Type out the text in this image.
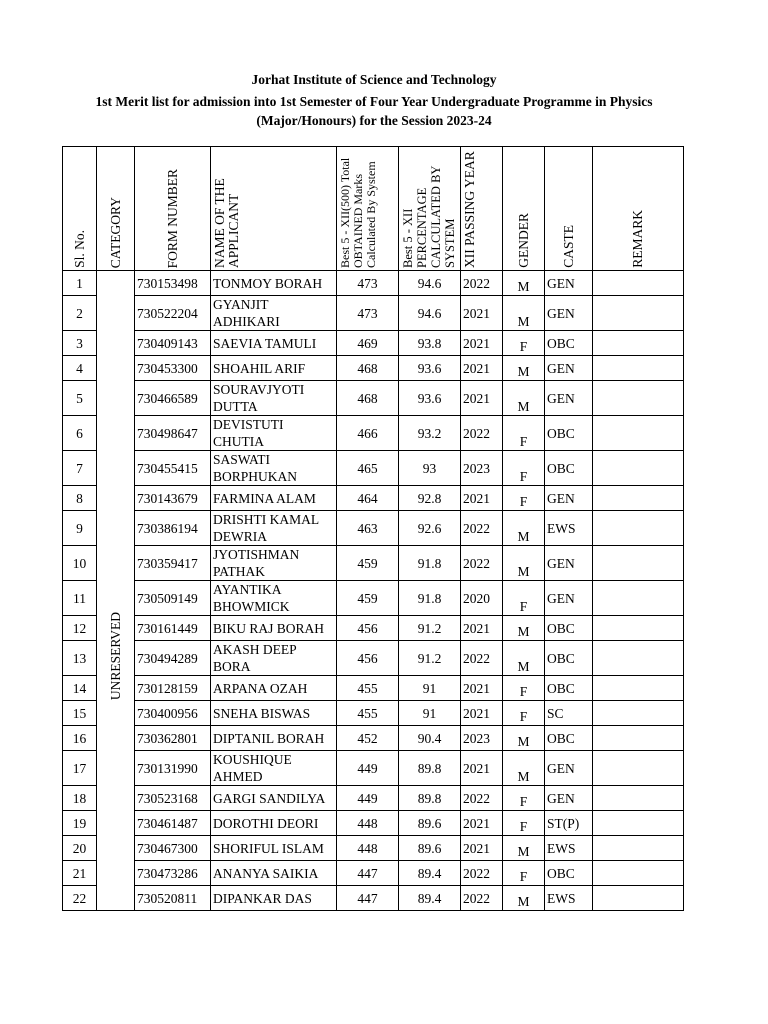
Jorhat Institute of Science and Technology
1st Merit list for admission into 1st Semester of Four Year Undergraduate Programme in Physics
(Major/Honours) for the Session 2023-24
Sl. No.	CATEGORY	FORM NUMBER	NAME OF THE APPLICANT	Best 5 - XII(500) Total OBTAINED Marks Calculated By System	Best 5 - XII PERCENTAGE CALCULATED BY SYSTEM	XII PASSING YEAR	GENDER	CASTE	REMARK

1	UNRESERVED	730153498	TONMOY BORAH	473	94.6	2022	M	GEN	
2		730522204	GYANJIT ADHIKARI	473	94.6	2021	M	GEN	
3		730409143	SAEVIA TAMULI	469	93.8	2021	F	OBC	
4		730453300	SHOAHIL ARIF	468	93.6	2021	M	GEN	
5		730466589	SOURAVJYOTI DUTTA	468	93.6	2021	M	GEN	
6		730498647	DEVISTUTI CHUTIA	466	93.2	2022	F	OBC	
7		730455415	SASWATI BORPHUKAN	465	93	2023	F	OBC	
8		730143679	FARMINA ALAM	464	92.8	2021	F	GEN	
9		730386194	DRISHTI KAMAL DEWRIA	463	92.6	2022	M	EWS	
10		730359417	JYOTISHMAN PATHAK	459	91.8	2022	M	GEN	
11		730509149	AYANTIKA BHOWMICK	459	91.8	2020	F	GEN	
12		730161449	BIKU RAJ BORAH	456	91.2	2021	M	OBC	
13		730494289	AKASH DEEP BORA	456	91.2	2022	M	OBC	
14		730128159	ARPANA OZAH	455	91	2021	F	OBC	
15		730400956	SNEHA BISWAS	455	91	2021	F	SC	
16		730362801	DIPTANIL BORAH	452	90.4	2023	M	OBC	
17		730131990	KOUSHIQUE AHMED	449	89.8	2021	M	GEN	
18		730523168	GARGI SANDILYA	449	89.8	2022	F	GEN	
19		730461487	DOROTHI DEORI	448	89.6	2021	F	ST(P)	
20		730467300	SHORIFUL ISLAM	448	89.6	2021	M	EWS	
21		730473286	ANANYA SAIKIA	447	89.4	2022	F	OBC	
22		730520811	DIPANKAR DAS	447	89.4	2022	M	EWS	
